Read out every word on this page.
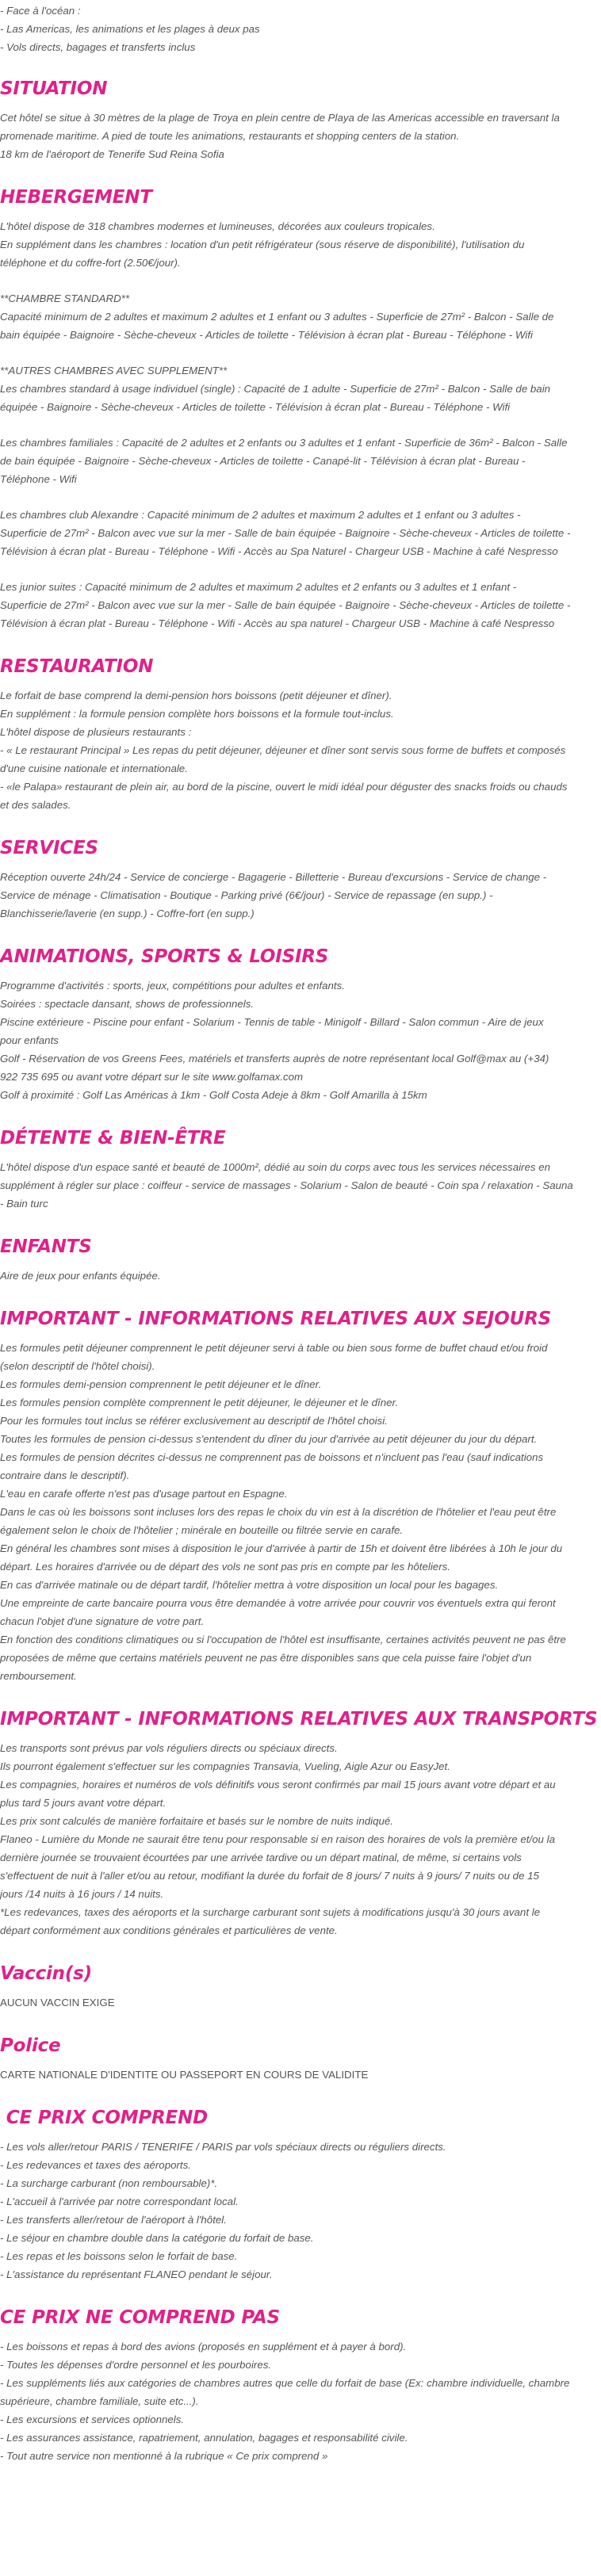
- Face à l'océan :

- Las Americas, les animations et les plages à deux pas

- Vols directs, bagages et transferts inclus

SITUATION

Cet hôtel se situe à 30 mètres de la plage de Troya en plein centre de Playa de las Americas accessible en traversant la

promenade maritime. A pied de toute les animations, restaurants et shopping centers de la station.

18 km de l'aéroport de Tenerife Sud Reina Sofia

HEBERGEMENT

L'hôtel dispose de 318 chambres modernes et lumineuses, décorées aux couleurs tropicales.

En supplément dans les chambres : location d'un petit réfrigérateur (sous réserve de disponibilité), l'utilisation du

téléphone et du coffre-fort (2.50€/jour).

**CHAMBRE STANDARD**

Capacité minimum de 2 adultes et maximum 2 adultes et 1 enfant ou 3 adultes - Superficie de 27m² - Balcon - Salle de

bain équipée - Baignoire - Sèche-cheveux - Articles de toilette - Télévision à écran plat - Bureau - Téléphone - Wifi

**AUTRES CHAMBRES AVEC SUPPLEMENT**

Les chambres standard à usage individuel (single) : Capacité de 1 adulte - Superficie de 27m² - Balcon - Salle de bain

équipée - Baignoire - Sèche-cheveux - Articles de toilette - Télévision à écran plat - Bureau - Téléphone - Wifi

Les chambres familiales : Capacité de 2 adultes et 2 enfants ou 3 adultes et 1 enfant - Superficie de 36m² - Balcon - Salle

de bain équipée - Baignoire - Sèche-cheveux - Articles de toilette - Canapé-lit - Télévision à écran plat - Bureau -

Téléphone - Wifi

Les chambres club Alexandre : Capacité minimum de 2 adultes et maximum 2 adultes et 1 enfant ou 3 adultes -

Superficie de 27m² - Balcon avec vue sur la mer - Salle de bain équipée - Baignoire - Sèche-cheveux - Articles de toilette -

Télévision à écran plat - Bureau - Téléphone - Wifi - Accès au Spa Naturel - Chargeur USB - Machine à café Nespresso

Les junior suites : Capacité minimum de 2 adultes et maximum 2 adultes et 2 enfants ou 3 adultes et 1 enfant -

Superficie de 27m² - Balcon avec vue sur la mer - Salle de bain équipée - Baignoire - Sèche-cheveux - Articles de toilette -

Télévision à écran plat - Bureau - Téléphone - Wifi - Accès au spa naturel - Chargeur USB - Machine à café Nespresso

RESTAURATION

Le forfait de base comprend la demi-pension hors boissons (petit déjeuner et dîner).

En supplément : la formule pension complète hors boissons et la formule tout-inclus.

L'hôtel dispose de plusieurs restaurants :

- « Le restaurant Principal » Les repas du petit déjeuner, déjeuner et dîner sont servis sous forme de buffets et composés

d'une cuisine nationale et internationale.

- «le Palapa» restaurant de plein air, au bord de la piscine, ouvert le midi idéal pour déguster des snacks froids ou chauds

et des salades.

SERVICES

Réception ouverte 24h/24 - Service de concierge - Bagagerie - Billetterie - Bureau d'excursions - Service de change -

Service de ménage - Climatisation - Boutique - Parking privé (6€/jour) - Service de repassage (en supp.) -

Blanchisserie/laverie (en supp.) - Coffre-fort (en supp.)

ANIMATIONS, SPORTS & LOISIRS

Programme d'activités : sports, jeux, compétitions pour adultes et enfants.

Soirées : spectacle dansant, shows de professionnels.

Piscine extérieure - Piscine pour enfant - Solarium - Tennis de table - Minigolf - Billard - Salon commun - Aire de jeux

pour enfants

Golf - Réservation de vos Greens Fees, matériels et transferts auprès de notre représentant local Golf@max au (+34)

922 735 695 ou avant votre départ sur le site www.golfamax.com

Golf à proximité : Golf Las Américas à 1km - Golf Costa Adeje à 8km - Golf Amarilla à 15km

DÉTENTE & BIEN-ÊTRE

L'hôtel dispose d'un espace santé et beauté de 1000m², dédié au soin du corps avec tous les services nécessaires en

supplément à régler sur place : coiffeur - service de massages - Solarium - Salon de beauté - Coin spa / relaxation - Sauna

- Bain turc

ENFANTS

Aire de jeux pour enfants équipée.

IMPORTANT - INFORMATIONS RELATIVES AUX SEJOURS

Les formules petit déjeuner comprennent le petit déjeuner servi à table ou bien sous forme de buffet chaud et/ou froid

(selon descriptif de l'hôtel choisi).

Les formules demi-pension comprennent le petit déjeuner et le dîner.

Les formules pension complète comprennent le petit déjeuner, le déjeuner et le dîner.

Pour les formules tout inclus se référer exclusivement au descriptif de l'hôtel choisi.

Toutes les formules de pension ci-dessus s'entendent du dîner du jour d'arrivée au petit déjeuner du jour du départ.

Les formules de pension décrites ci-dessus ne comprennent pas de boissons et n'incluent pas l'eau (sauf indications

contraire dans le descriptif).

L'eau en carafe offerte n'est pas d'usage partout en Espagne.

Dans le cas où les boissons sont incluses lors des repas le choix du vin est à la discrétion de l'hôtelier et l'eau peut être

également selon le choix de l'hôtelier ; minérale en bouteille ou filtrée servie en carafe.

En général les chambres sont mises à disposition le jour d'arrivée à partir de 15h et doivent être libérées à 10h le jour du

départ. Les horaires d'arrivée ou de départ des vols ne sont pas pris en compte par les hôteliers.

En cas d'arrivée matinale ou de départ tardif, l'hôtelier mettra à votre disposition un local pour les bagages.

Une empreinte de carte bancaire pourra vous être demandée à votre arrivée pour couvrir vos éventuels extra qui feront

chacun l'objet d'une signature de votre part.

En fonction des conditions climatiques ou si l'occupation de l'hôtel est insuffisante, certaines activités peuvent ne pas être

proposées de même que certains matériels peuvent ne pas être disponibles sans que cela puisse faire l'objet d'un

remboursement.

IMPORTANT - INFORMATIONS RELATIVES AUX TRANSPORTS

Les transports sont prévus par vols réguliers directs ou spéciaux directs.

Ils pourront également s'effectuer sur les compagnies Transavia, Vueling, Aigle Azur ou EasyJet.

Les compagnies, horaires et numéros de vols définitifs vous seront confirmés par mail 15 jours avant votre départ et au

plus tard 5 jours avant votre départ.

Les prix sont calculés de manière forfaitaire et basés sur le nombre de nuits indiqué.

Flaneo - Lumière du Monde ne saurait être tenu pour responsable si en raison des horaires de vols la première et/ou la

dernière journée se trouvaient écourtées par une arrivée tardive ou un départ matinal, de même, si certains vols

s'effectuent de nuit à l'aller et/ou au retour, modifiant la durée du forfait de 8 jours/ 7 nuits à 9 jours/ 7 nuits ou de 15

jours /14 nuits à 16 jours / 14 nuits.

*Les redevances, taxes des aéroports et la surcharge carburant sont sujets à modifications jusqu'à 30 jours avant le

départ conformément aux conditions générales et particulières de vente.

Vaccin(s)

AUCUN VACCIN EXIGE

Police

CARTE NATIONALE D'IDENTITE OU PASSEPORT EN COURS DE VALIDITE

CE PRIX COMPREND

- Les vols aller/retour PARIS / TENERIFE / PARIS par vols spéciaux directs ou réguliers directs.

- Les redevances et taxes des aéroports.

- La surcharge carburant (non remboursable)*.

- L'accueil à l'arrivée par notre correspondant local.

- Les transferts aller/retour de l'aéroport à l'hôtel.

- Le séjour en chambre double dans la catégorie du forfait de base.

- Les repas et les boissons selon le forfait de base.

- L'assistance du représentant FLANEO pendant le séjour.

CE PRIX NE COMPREND PAS

- Les boissons et repas à bord des avions (proposés en supplément et à payer à bord).

- Toutes les dépenses d'ordre personnel et les pourboires.

- Les suppléments liés aux catégories de chambres autres que celle du forfait de base (Ex: chambre individuelle, chambre

supérieure, chambre familiale, suite etc...).

- Les excursions et services optionnels.

- Les assurances assistance, rapatriement, annulation, bagages et responsabilité civile.

- Tout autre service non mentionné à la rubrique « Ce prix comprend »
